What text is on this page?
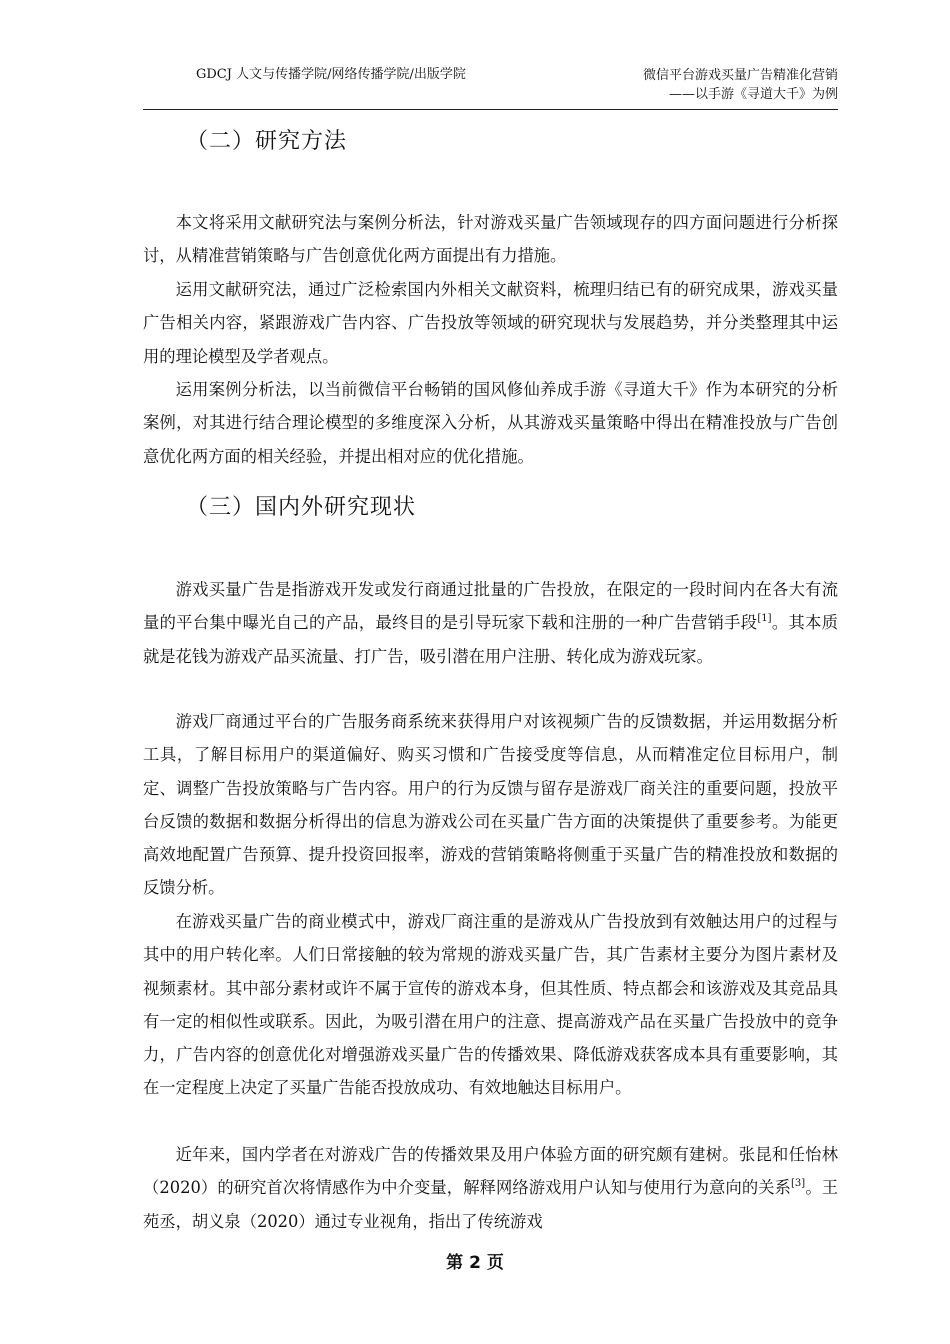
GDCJ 人文与传播学院/网络传播学院/出版学院	微信平台游戏买量广告精准化营销
——以手游《寻道大千》为例
（二）研究方法

本文将采用文献研究法与案例分析法，针对游戏买量广告领域现存的四方面问题进行分析探讨，从精准营销策略与广告创意优化两方面提出有力措施。

运用文献研究法，通过广泛检索国内外相关文献资料，梳理归结已有的研究成果，游戏买量广告相关内容，紧跟游戏广告内容、广告投放等领域的研究现状与发展趋势，并分类整理其中运用的理论模型及学者观点。

运用案例分析法，以当前微信平台畅销的国风修仙养成手游《寻道大千》作为本研究的分析案例，对其进行结合理论模型的多维度深入分析，从其游戏买量策略中得出在精准投放与广告创意优化两方面的相关经验，并提出相对应的优化措施。

（三）国内外研究现状

游戏买量广告是指游戏开发或发行商通过批量的广告投放，在限定的一段时间内在各大有流量的平台集中曝光自己的产品，最终目的是引导玩家下载和注册的一种广告营销手段[1]。其本质就是花钱为游戏产品买流量、打广告，吸引潜在用户注册、转化成为游戏玩家。

游戏厂商通过平台的广告服务商系统来获得用户对该视频广告的反馈数据，并运用数据分析工具，了解目标用户的渠道偏好、购买习惯和广告接受度等信息，从而精准定位目标用户，制定、调整广告投放策略与广告内容。用户的行为反馈与留存是游戏厂商关注的重要问题，投放平台反馈的数据和数据分析得出的信息为游戏公司在买量广告方面的决策提供了重要参考。为能更高效地配置广告预算、提升投资回报率，游戏的营销策略将侧重于买量广告的精准投放和数据的反馈分析。

在游戏买量广告的商业模式中，游戏厂商注重的是游戏从广告投放到有效触达用户的过程与其中的用户转化率。人们日常接触的较为常规的游戏买量广告，其广告素材主要分为图片素材及视频素材。其中部分素材或许不属于宣传的游戏本身，但其性质、特点都会和该游戏及其竞品具有一定的相似性或联系。因此，为吸引潜在用户的注意、提高游戏产品在买量广告投放中的竞争力，广告内容的创意优化对增强游戏买量广告的传播效果、降低游戏获客成本具有重要影响，其在一定程度上决定了买量广告能否投放成功、有效地触达目标用户。

近年来，国内学者在对游戏广告的传播效果及用户体验方面的研究颇有建树。张昆和任怡林（2020）的研究首次将情感作为中介变量，解释网络游戏用户认知与使用行为意向的关系[3]。王苑丞，胡义泉（2020）通过专业视角，指出了传统游戏

第 2 页
